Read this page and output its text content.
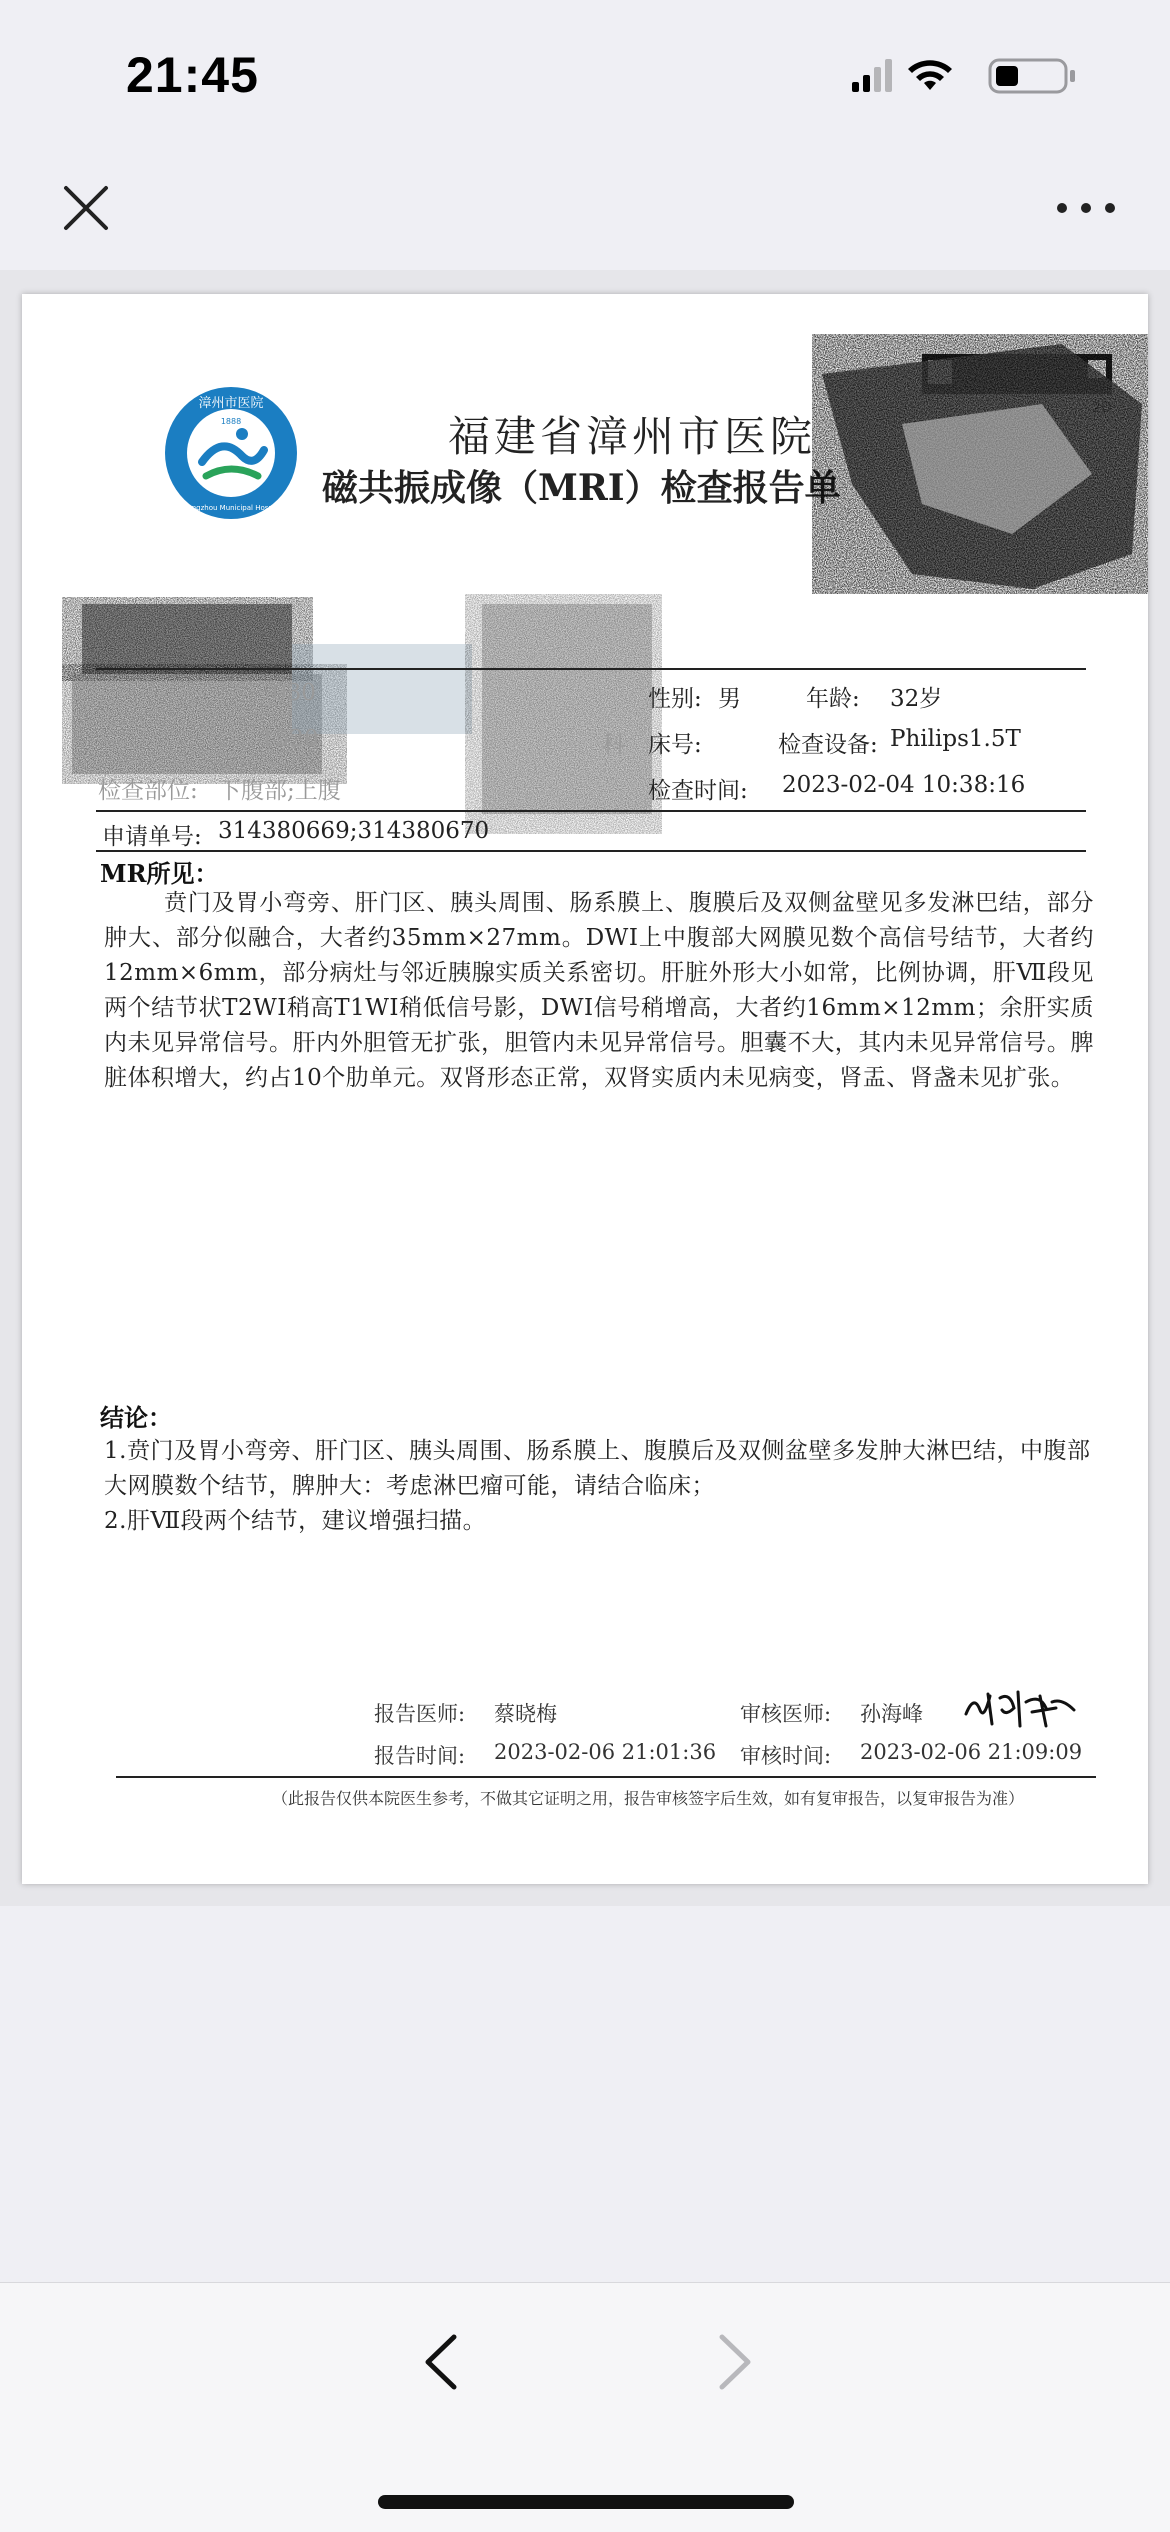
21:45
漳州市医院
1888
Zhangzhou Municipal Hospital
福建省漳州市医院
磁共振成像（MRI）检查报告单
030	性别: 男	年龄: 32岁
1520	科 床号:	检查设备: Philips1.5T
检查部位: 下腹部;上腹	检查时间: 2023-02-04 10:38:16
申请单号: 314380669;314380670
MR所见：
贲门及胃小弯旁、肝门区、胰头周围、肠系膜上、腹膜后及双侧盆壁见多发淋巴结，部分肿大、部分似融合，大者约35mm×27mm。DWI上中腹部大网膜见数个高信号结节，大者约12mm×6mm，部分病灶与邻近胰腺实质关系密切。肝脏外形大小如常，比例协调，肝Ⅶ段见两个结节状T2WI稍高T1WI稍低信号影，DWI信号稍增高，大者约16mm×12mm；余肝实质内未见异常信号。肝内外胆管无扩张，胆管内未见异常信号。胆囊不大，其内未见异常信号。脾脏体积增大，约占10个肋单元。双肾形态正常，双肾实质内未见病变，肾盂、肾盏未见扩张。
结论：
1.贲门及胃小弯旁、肝门区、胰头周围、肠系膜上、腹膜后及双侧盆壁多发肿大淋巴结，中腹部大网膜数个结节，脾肿大：考虑淋巴瘤可能，请结合临床；
2.肝Ⅶ段两个结节，建议增强扫描。
报告医师: 蔡晓梅	审核医师: 孙海峰
报告时间: 2023-02-06 21:01:36 审核时间: 2023-02-06 21:09:09
（此报告仅供本院医生参考，不做其它证明之用，报告审核签字后生效，如有复审报告，以复审报告为准）
